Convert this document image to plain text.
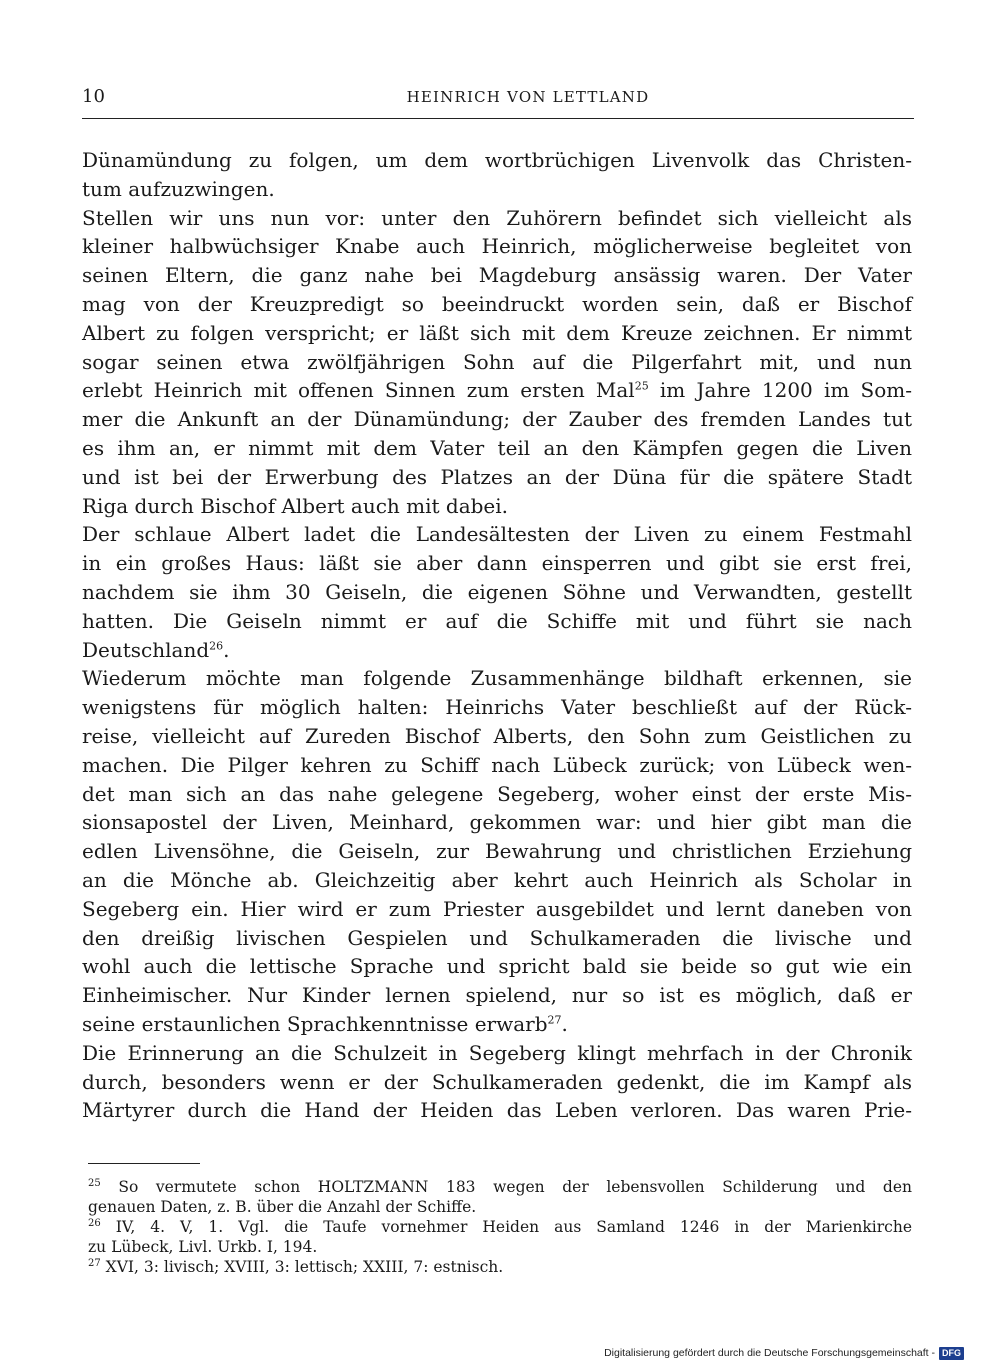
10	HEINRICH VON LETTLAND
Dünamündung zu folgen, um dem wortbrüchigen Livenvolk das Christen-
tum aufzuzwingen.
Stellen wir uns nun vor: unter den Zuhörern befindet sich vielleicht als
kleiner halbwüchsiger Knabe auch Heinrich, möglicherweise begleitet von
seinen Eltern, die ganz nahe bei Magdeburg ansässig waren. Der Vater
mag von der Kreuzpredigt so beeindruckt worden sein, daß er Bischof
Albert zu folgen verspricht; er läßt sich mit dem Kreuze zeichnen. Er nimmt
sogar seinen etwa zwölfjährigen Sohn auf die Pilgerfahrt mit, und nun
erlebt Heinrich mit offenen Sinnen zum ersten Mal$^{25}$ im Jahre 1200 im Som-
mer die Ankunft an der Dünamündung; der Zauber des fremden Landes tut
es ihm an, er nimmt mit dem Vater teil an den Kämpfen gegen die Liven
und ist bei der Erwerbung des Platzes an der Düna für die spätere Stadt
Riga durch Bischof Albert auch mit dabei.
Der schlaue Albert ladet die Landesältesten der Liven zu einem Festmahl
in ein großes Haus: läßt sie aber dann einsperren und gibt sie erst frei,
nachdem sie ihm 30 Geiseln, die eigenen Söhne und Verwandten, gestellt
hatten. Die Geiseln nimmt er auf die Schiffe mit und führt sie nach
Deutschland$^{26}$.
Wiederum möchte man folgende Zusammenhänge bildhaft erkennen, sie
wenigstens für möglich halten: Heinrichs Vater beschließt auf der Rück-
reise, vielleicht auf Zureden Bischof Alberts, den Sohn zum Geistlichen zu
machen. Die Pilger kehren zu Schiff nach Lübeck zurück; von Lübeck wen-
det man sich an das nahe gelegene Segeberg, woher einst der erste Mis-
sionsapostel der Liven, Meinhard, gekommen war: und hier gibt man die
edlen Livensöhne, die Geiseln, zur Bewahrung und christlichen Erziehung
an die Mönche ab. Gleichzeitig aber kehrt auch Heinrich als Scholar in
Segeberg ein. Hier wird er zum Priester ausgebildet und lernt daneben von
den dreißig livischen Gespielen und Schulkameraden die livische und
wohl auch die lettische Sprache und spricht bald sie beide so gut wie ein
Einheimischer. Nur Kinder lernen spielend, nur so ist es möglich, daß er
seine erstaunlichen Sprachkenntnisse erwarb$^{27}$.
Die Erinnerung an die Schulzeit in Segeberg klingt mehrfach in der Chronik
durch, besonders wenn er der Schulkameraden gedenkt, die im Kampf als
Märtyrer durch die Hand der Heiden das Leben verloren. Das waren Prie-
$^{25}$ So vermutete schon HOLTZMANN 183 wegen der lebensvollen Schilderung und den
genauen Daten, z. B. über die Anzahl der Schiffe.
$^{26}$ IV, 4. V, 1. Vgl. die Taufe vornehmer Heiden aus Samland 1246 in der Marienkirche
zu Lübeck, Livl. Urkb. I, 194.
$^{27}$ XVI, 3: livisch; XVIII, 3: lettisch; XXIII, 7: estnisch.
Digitalisierung gefördert durch die Deutsche Forschungsgemeinschaft - DFG
